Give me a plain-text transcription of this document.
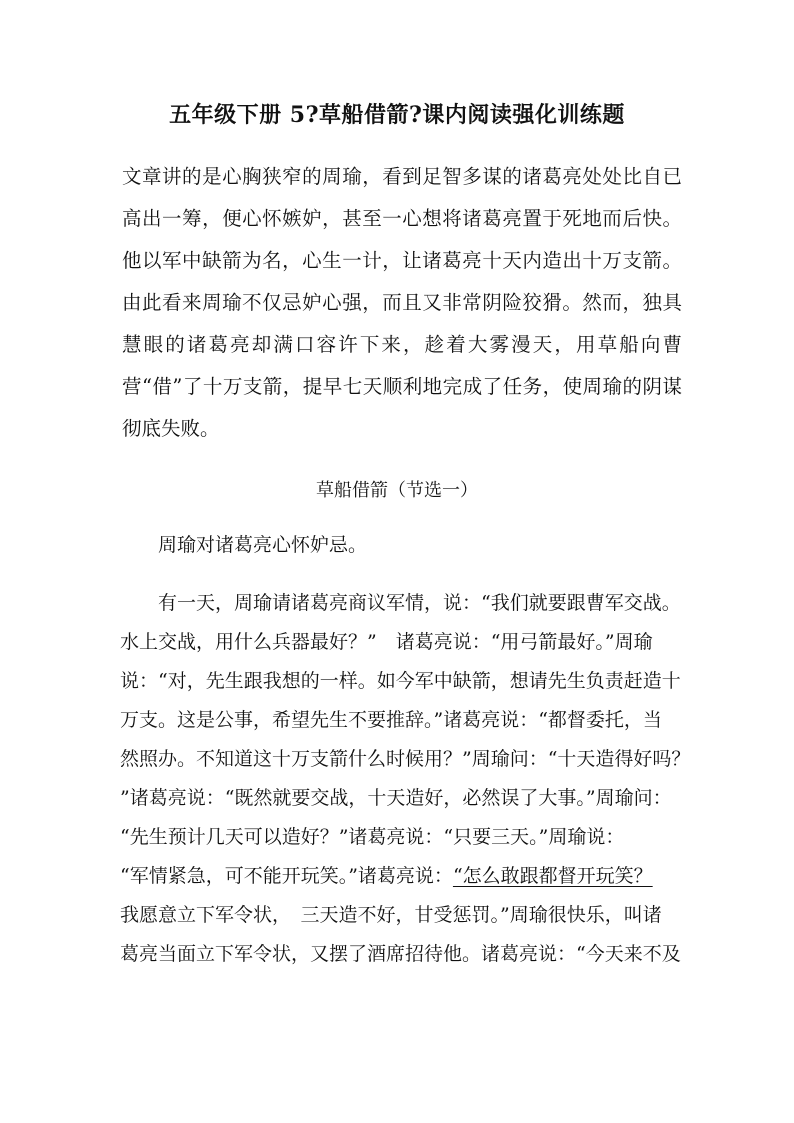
五年级下册 5?草船借箭?课内阅读强化训练题

文章讲的是心胸狭窄的周瑜，看到足智多谋的诸葛亮处处比自已高出一筹，便心怀嫉妒，甚至一心想将诸葛亮置于死地而后快。他以军中缺箭为名，心生一计，让诸葛亮十天内造出十万支箭。由此看来周瑜不仅忌妒心强，而且又非常阴险狡猾。然而，独具慧眼的诸葛亮却满口容许下来，趁着大雾漫天，用草船向曹营“借”了十万支箭，提早七天顺利地完成了任务，使周瑜的阴谋彻底失败。

草船借箭（节选一）

周瑜对诸葛亮心怀妒忌。

有一天，周瑜请诸葛亮商议军情，说：“我们就要跟曹军交战。

水上交战，用什么兵器最好？”　诸葛亮说：“用弓箭最好。”周瑜

说：“对，先生跟我想的一样。如今军中缺箭，想请先生负责赶造十

万支。这是公事，希望先生不要推辞。”诸葛亮说：“都督委托，当

然照办。不知道这十万支箭什么时候用？”周瑜问：“十天造得好吗？

”诸葛亮说：“既然就要交战，十天造好，必然误了大事。”周瑜问：

“先生预计几天可以造好？”诸葛亮说：“只要三天。”周瑜说：

“军情紧急，可不能开玩笑。”诸葛亮说：“怎么敢跟都督开玩笑？

我愿意立下军令状，　三天造不好，甘受惩罚。”周瑜很快乐，叫诸

葛亮当面立下军令状，又摆了酒席招待他。诸葛亮说：“今天来不及
